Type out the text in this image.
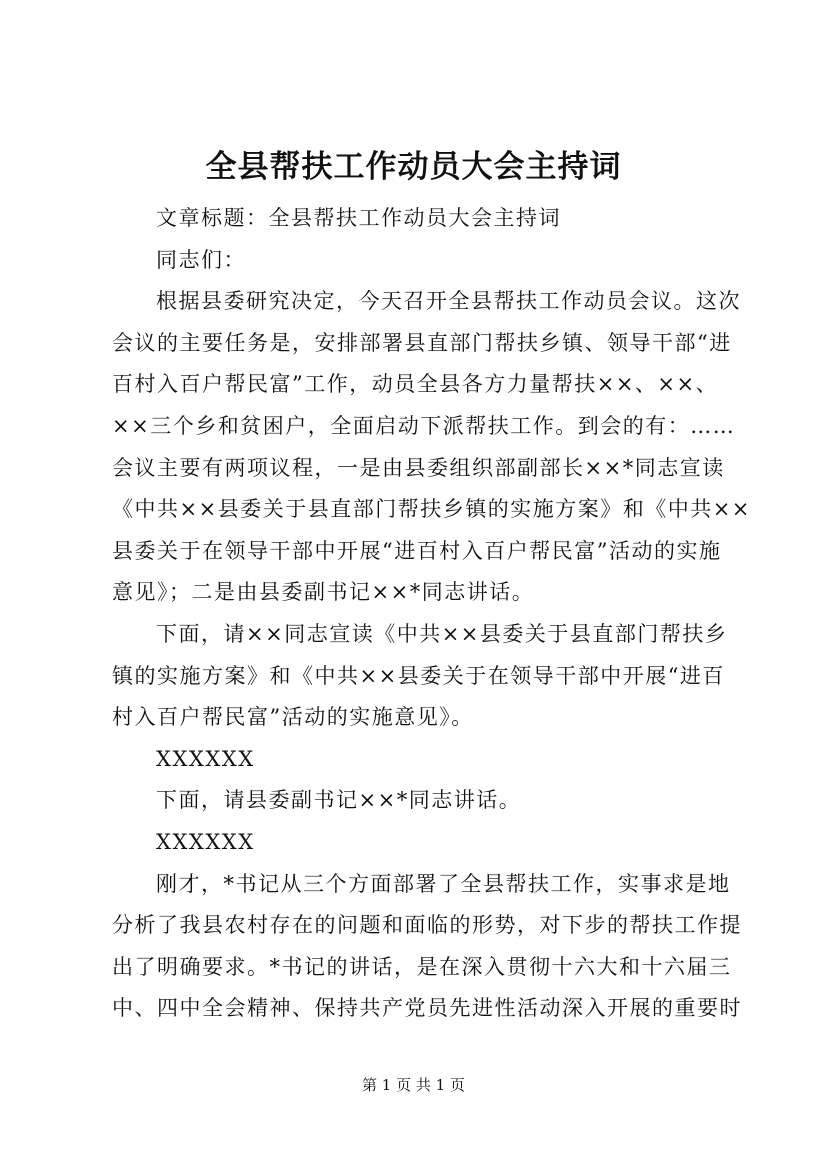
全县帮扶工作动员大会主持词
文章标题：全县帮扶工作动员大会主持词
同志们：
根据县委研究决定，今天召开全县帮扶工作动员会议。这次
会议的主要任务是，安排部署县直部门帮扶乡镇、领导干部“进
百村入百户帮民富”工作，动员全县各方力量帮扶××、××、
××三个乡和贫困户，全面启动下派帮扶工作。到会的有：……
会议主要有两项议程，一是由县委组织部副部长××*同志宣读
《中共××县委关于县直部门帮扶乡镇的实施方案》和《中共××
县委关于在领导干部中开展“进百村入百户帮民富”活动的实施
意见》；二是由县委副书记××*同志讲话。
下面，请××同志宣读《中共××县委关于县直部门帮扶乡
镇的实施方案》和《中共××县委关于在领导干部中开展“进百
村入百户帮民富”活动的实施意见》。
XXXXXX
下面，请县委副书记××*同志讲话。
XXXXXX
刚才，*书记从三个方面部署了全县帮扶工作，实事求是地
分析了我县农村存在的问题和面临的形势，对下步的帮扶工作提
出了明确要求。*书记的讲话，是在深入贯彻十六大和十六届三
中、四中全会精神、保持共产党员先进性活动深入开展的重要时
第 1 页 共 1 页
